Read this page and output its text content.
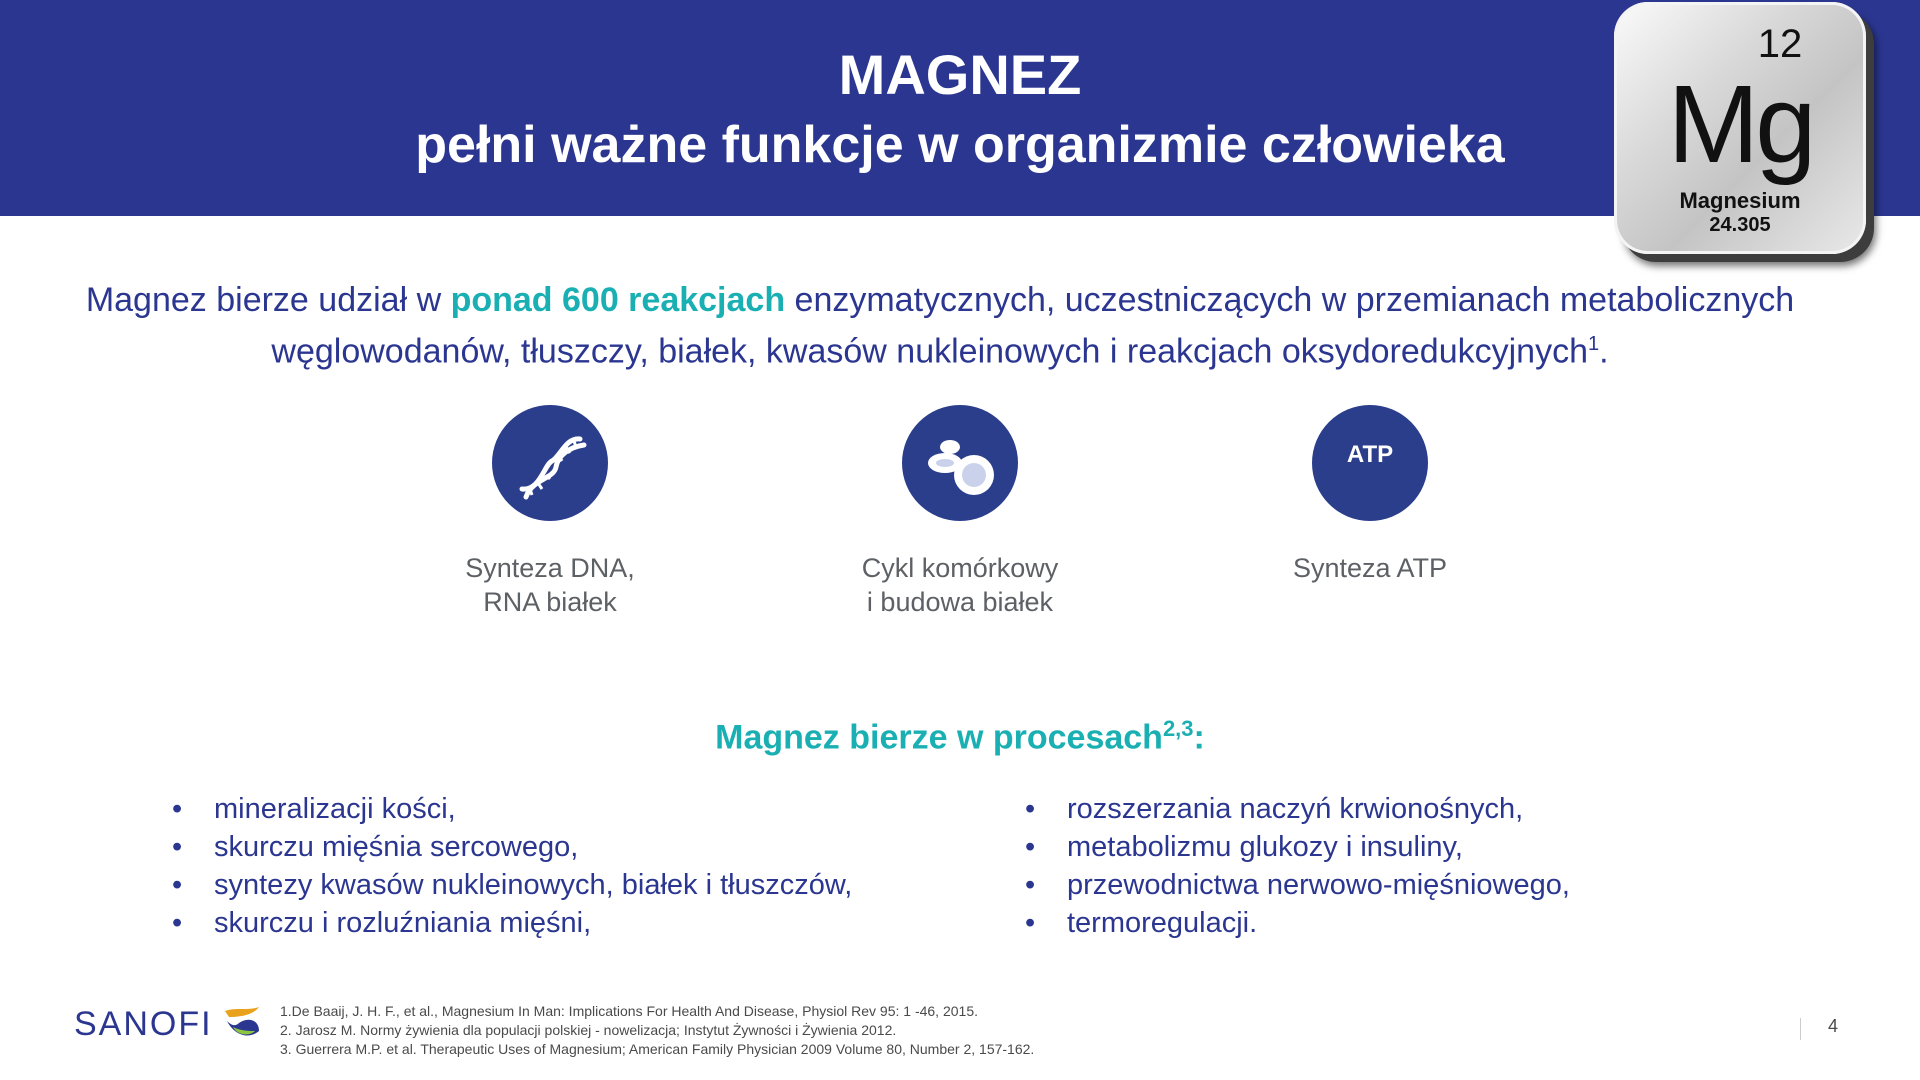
MAGNEZ
pełni ważne funkcje w organizmie człowieka
12
Mg
Magnesium
24.305
Magnez bierze udział w ponad 600 reakcjach enzymatycznych, uczestniczących w przemianach metabolicznych węglowodanów, tłuszczy, białek, kwasów nukleinowych i reakcjach oksydoredukcyjnych$^1$.
Synteza DNA,
RNA białek
Cykl komórkowy
i budowa białek
ATP
Synteza ATP
Magnez bierze w procesach$^{2,3}$:
• mineralizacji kości,
• skurczu mięśnia sercowego,
• syntezy kwasów nukleinowych, białek i tłuszczów,
• skurczu i rozluźniania mięśni,
• rozszerzania naczyń krwionośnych,
• metabolizmu glukozy i insuliny,
• przewodnictwa nerwowo-mięśniowego,
• termoregulacji.
SANOFI	1.De Baaij, J. H. F., et al., Magnesium In Man: Implications For Health And Disease, Physiol Rev 95: 1 -46, 2015.
2. Jarosz M. Normy żywienia dla populacji polskiej - nowelizacja; Instytut Żywności i Żywienia 2012.
3. Guerrera M.P. et al. Therapeutic Uses of Magnesium; American Family Physician 2009 Volume 80, Number 2, 157-162.
4
